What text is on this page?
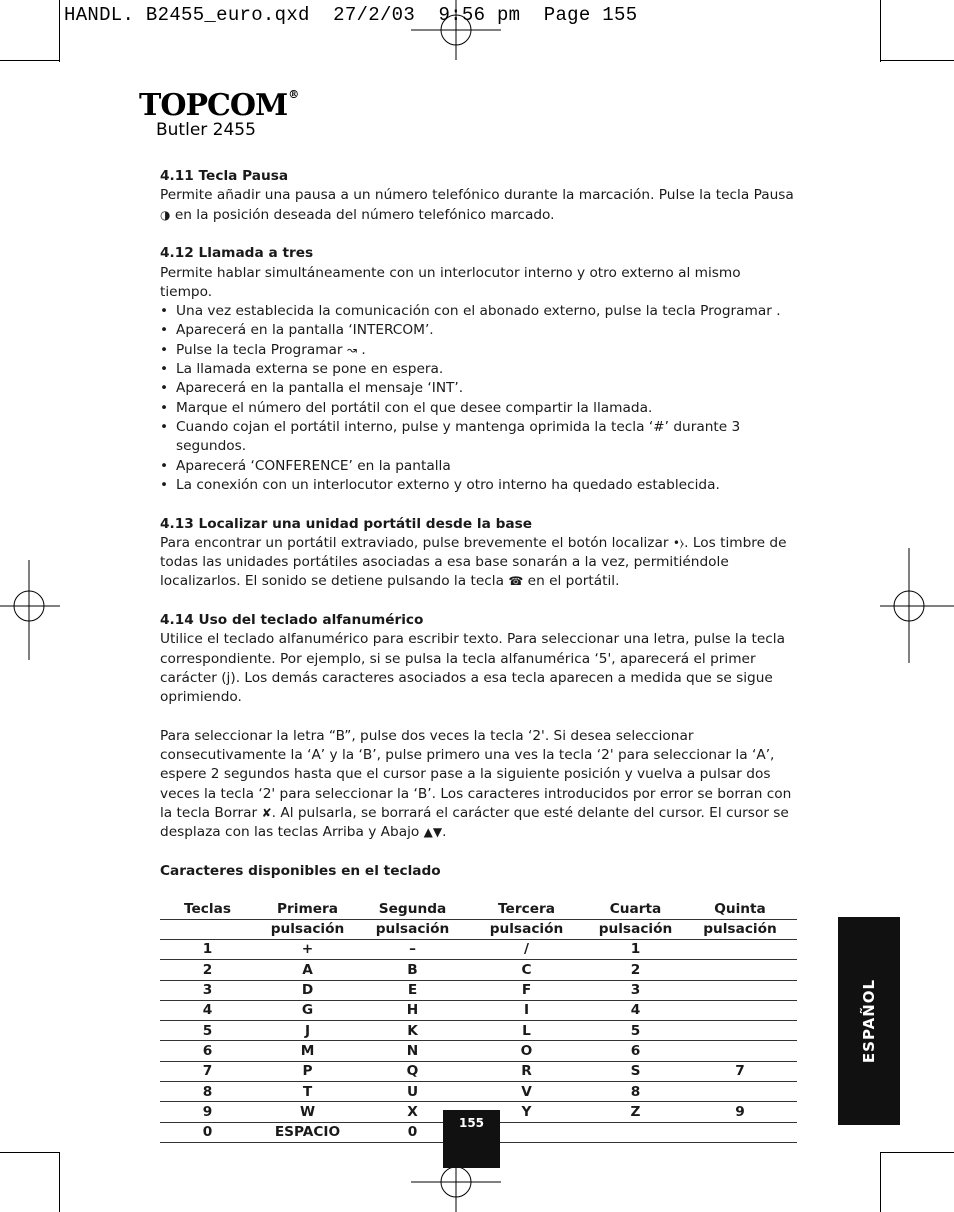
HANDL. B2455_euro.qxd  27/2/03  9:56 pm  Page 155
TOPCOM®
Butler 2455
4.11 Tecla Pausa

Permite añadir una pausa a un número telefónico durante la marcación. Pulse la tecla Pausa ◑ en la posición deseada del número telefónico marcado.

4.12 Llamada a tres

Permite hablar simultáneamente con un interlocutor interno y otro externo al mismo tiempo.

• Una vez establecida la comunicación con el abonado externo, pulse la tecla Programar .
• Aparecerá en la pantalla ‘INTERCOM’.
• Pulse la tecla Programar ↝ .
• La llamada externa se pone en espera.
• Aparecerá en la pantalla el mensaje ‘INT’.
• Marque el número del portátil con el que desee compartir la llamada.
• Cuando cojan el portátil interno, pulse y mantenga oprimida la tecla ‘#’ durante 3 segundos.
• Aparecerá ‘CONFERENCE’ en la pantalla
• La conexión con un interlocutor externo y otro interno ha quedado establecida.
4.13 Localizar una unidad portátil desde la base

Para encontrar un portátil extraviado, pulse brevemente el botón localizar •⧽. Los timbre de todas las unidades portátiles asociadas a esa base sonarán a la vez, permitiéndole localizarlos. El sonido se detiene pulsando la tecla ☎ en el portátil.

4.14 Uso del teclado alfanumérico

Utilice el teclado alfanumérico para escribir texto. Para seleccionar una letra, pulse la tecla correspondiente. Por ejemplo, si se pulsa la tecla alfanumérica ‘5', aparecerá el primer carácter (j). Los demás caracteres asociados a esa tecla aparecen a medida que se sigue oprimiendo.

Para seleccionar la letra “B”, pulse dos veces la tecla ‘2'. Si desea seleccionar consecutivamente la ‘A’ y la ‘B’, pulse primero una ves la tecla ‘2' para seleccionar la ‘A’, espere 2 segundos hasta que el cursor pase a la siguiente posición y vuelva a pulsar dos veces la tecla ‘2' para seleccionar la ‘B’. Los caracteres introducidos por error se borran con la tecla Borrar ✘. Al pulsarla, se borrará el carácter que esté delante del cursor. El cursor se desplaza con las teclas Arriba y Abajo ▲▼.

Caracteres disponibles en el teclado
Teclas	Primera	Segunda	Tercera	Cuarta	Quinta
	pulsación	pulsación	pulsación	pulsación	pulsación
1	+	–	/	1	
2	A	B	C	2	
3	D	E	F	3	
4	G	H	I	4	
5	J	K	L	5	
6	M	N	O	6	
7	P	Q	R	S	7
8	T	U	V	8	
9	W	X	Y	Z	9
0	ESPACIO	0			
ESPAÑOL
155
